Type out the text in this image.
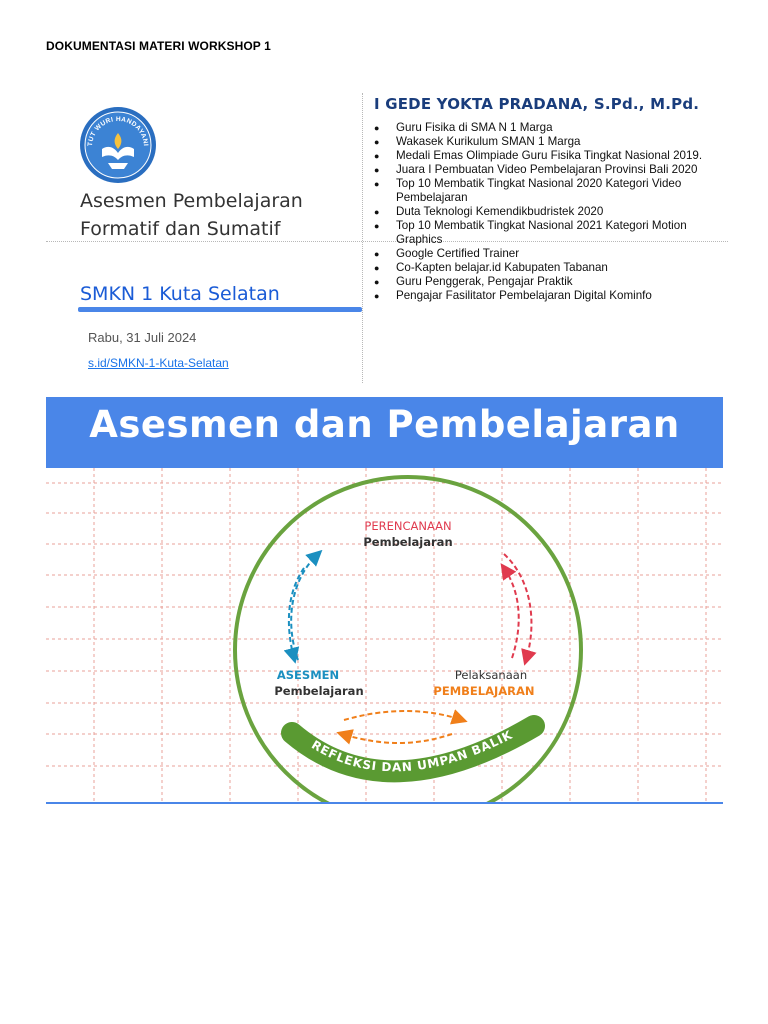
DOKUMENTASI MATERI WORKSHOP 1
TUT WURI HANDAYANI
Asesmen Pembelajaran
Formatif dan Sumatif
SMKN 1 Kuta Selatan
Rabu, 31 Juli 2024
s.id/SMKN-1-Kuta-Selatan
I GEDE YOKTA PRADANA, S.Pd., M.Pd.
● Guru Fisika di SMA N 1 Marga
● Wakasek Kurikulum SMAN 1 Marga
● Medali Emas Olimpiade Guru Fisika Tingkat Nasional 2019.
● Juara I Pembuatan Video Pembelajaran Provinsi Bali 2020
● Top 10 Membatik Tingkat Nasional 2020 Kategori Video Pembelajaran
● Duta Teknologi Kemendikbudristek 2020
● Top 10 Membatik Tingkat Nasional 2021 Kategori Motion Graphics
● Google Certified Trainer
● Co-Kapten belajar.id Kabupaten Tabanan
● Guru Penggerak, Pengajar Praktik
● Pengajar Fasilitator Pembelajaran Digital Kominfo
Asesmen dan Pembelajaran
PERENCANAAN
Pembelajaran
ASESMEN
Pembelajaran
Pelaksanaan
PEMBELAJARAN
REFLEKSI DAN UMPAN BALIK
